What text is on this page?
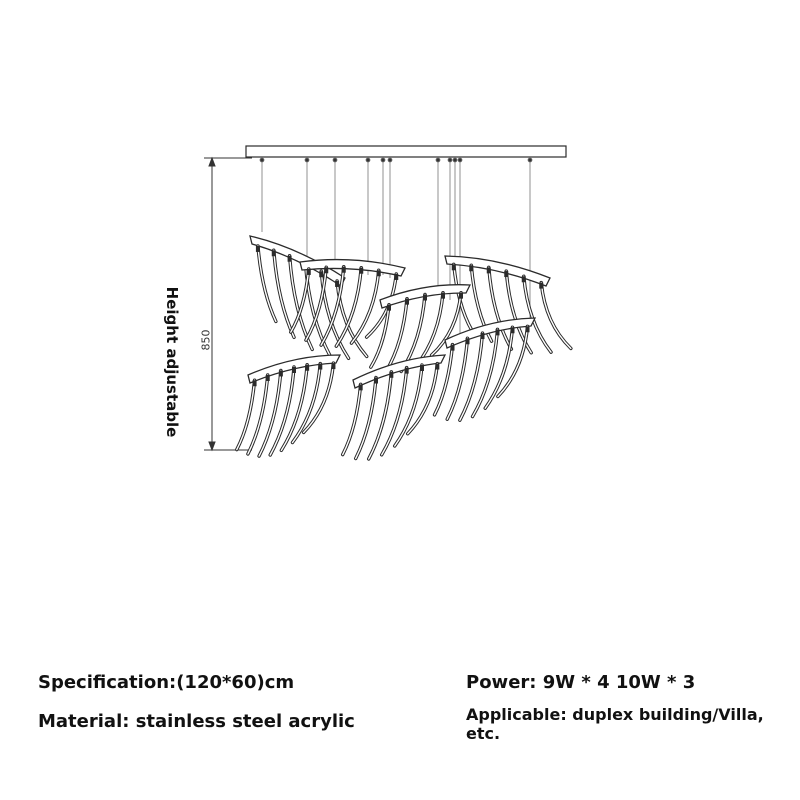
Height adjustable 850
Specification:(120*60)cm
Material: stainless steel acrylic
Power: 9W * 4 10W * 3
Applicable: duplex building/Villa, etc.
